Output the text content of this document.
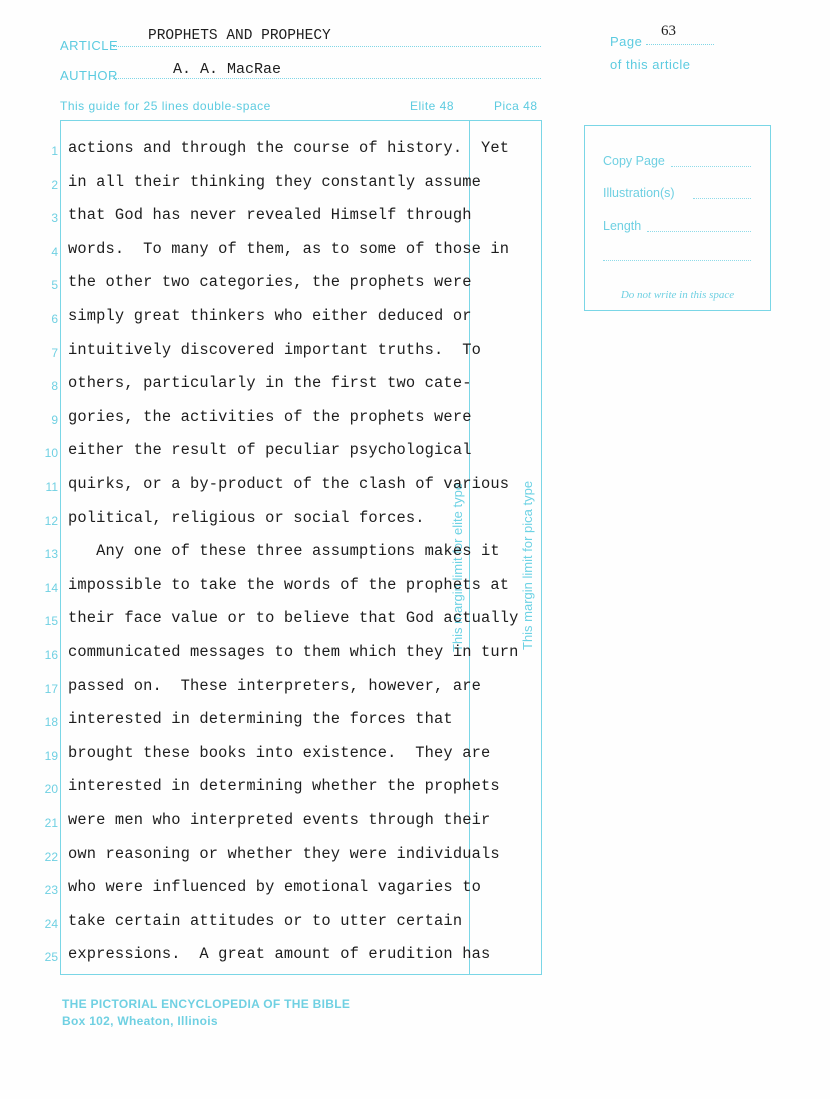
ARTICLE
PROPHETS AND PROPHECY
AUTHOR	A. A. MacRae
Page
63
of this article
This guide for 25 lines double-space	Elite 48	Pica 48
This margin limit for elite type	This margin limit for pica type
1 actions and through the course of history.  Yet
2 in all their thinking they constantly assume
3 that God has never revealed Himself through
4 words.  To many of them, as to some of those in
5 the other two categories, the prophets were
6 simply great thinkers who either deduced or
7 intuitively discovered important truths.  To
8 others, particularly in the first two cate-
9 gories, the activities of the prophets were
10 either the result of peculiar psychological
11 quirks, or a by-product of the clash of various
12 political, religious or social forces.
13 Any one of these three assumptions makes it
14 impossible to take the words of the prophets at
15 their face value or to believe that God actually
16 communicated messages to them which they in turn
17 passed on.  These interpreters, however, are
18 interested in determining the forces that
19 brought these books into existence.  They are
20 interested in determining whether the prophets
21 were men who interpreted events through their
22 own reasoning or whether they were individuals
23 who were influenced by emotional vagaries to
24 take certain attitudes or to utter certain
25 expressions.  A great amount of erudition has
Copy Page
Illustration(s)
Length
Do not write in this space
THE PICTORIAL ENCYCLOPEDIA OF THE BIBLE
Box 102, Wheaton, Illinois
